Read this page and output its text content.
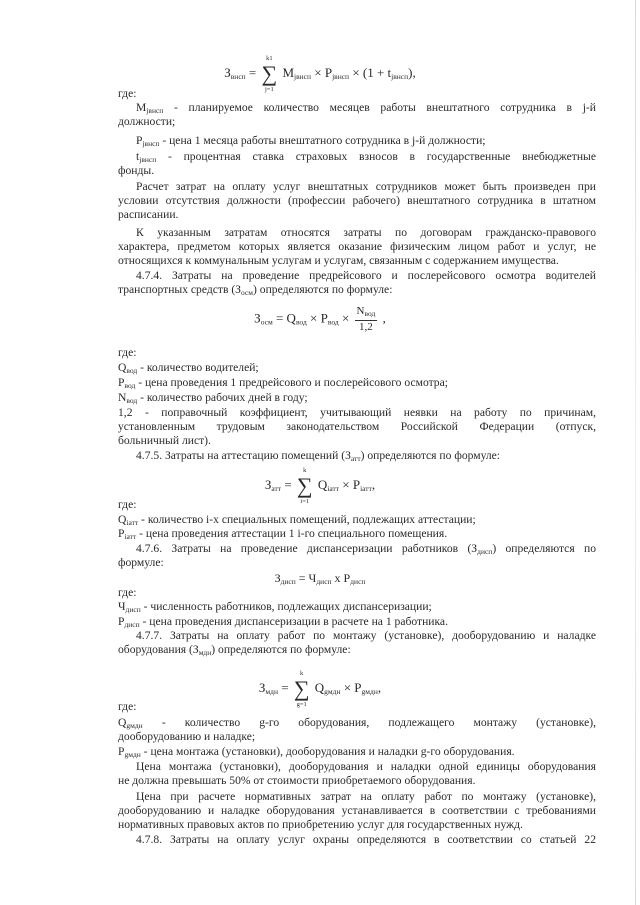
$З_{внсп}$ = ∑
k1
j=1
$М_{jвнсп} \times Р_{jвнсп} \times (1 + t_{jвнсп})$,
где:
$М_{jвнсп}$ - планируемое количество месяцев работы внештатного сотрудника в j-й
должности;
$Р_{jвнсп}$ - цена 1 месяца работы внештатного сотрудника в j-й должности;
$t_{jвнсп}$ - процентная ставка страховых взносов в государственные внебюджетные
фонды.
Расчет затрат на оплату услуг внештатных сотрудников может быть произведен при
условии отсутствия должности (профессии рабочего) внештатного сотрудника в штатном
расписании.
К указанным затратам относятся затраты по договорам гражданско-правового
характера, предметом которых является оказание физическим лицом работ и услуг, не
относящихся к коммунальным услугам и услугам, связанным с содержанием имущества.
4.7.4. Затраты на проведение предрейсового и послерейсового осмотра водителей
транспортных средств $(З_{осм})$ определяются по формуле:
$З_{осм} = Q_{вод} \times P_{вод} \times \frac{N_{вод}}{1,2}$ ,
где:
$Q_{вод}$ - количество водителей;
$Р_{вод}$ - цена проведения 1 предрейсового и послерейсового осмотра;
$N_{вод}$ - количество рабочих дней в году;
1,2 - поправочный коэффициент, учитывающий неявки на работу по причинам,
установленным трудовым законодательством Российской Федерации (отпуск,
больничный лист).
4.7.5. Затраты на аттестацию помещений $(З_{атт})$ определяются по формуле:
$З_{атт}$ = ∑
k
i=1
$Q_{iатт} \times P_{iатт}$,
где:
$Q_{iатт}$ - количество i-х специальных помещений, подлежащих аттестации;
$Р_{iатт}$ - цена проведения аттестации 1 i-го специального помещения.
4.7.6. Затраты на проведение диспансеризации работников $(З_{дисп})$ определяются по
формуле:
$З_{дисп} = Ч_{дисп}$ х $Р_{дисп}$
где:
$Ч_{дисп}$ - численность работников, подлежащих диспансеризации;
$Р_{дисп}$ - цена проведения диспансеризации в расчете на 1 работника.
4.7.7. Затраты на оплату работ по монтажу (установке), дооборудованию и наладке
оборудования $(З_{мдн})$ определяются по формуле:
$З_{мдн}$ = ∑
k
g=1
$Q_{gмдн} \times P_{gмдн}$,
где:
$Q_{gмдн}$ - количество g-го оборудования, подлежащего монтажу (установке),
дооборудованию и наладке;
$Р_{gмдн}$ - цена монтажа (установки), дооборудования и наладки g-го оборудования.
Цена монтажа (установки), дооборудования и наладки одной единицы оборудования
не должна превышать 50% от стоимости приобретаемого оборудования.
Цена при расчете нормативных затрат на оплату работ по монтажу (установке),
дооборудованию и наладке оборудования устанавливается в соответствии с требованиями
нормативных правовых актов по приобретению услуг для государственных нужд.
4.7.8. Затраты на оплату услуг охраны определяются в соответствии со статьей 22
